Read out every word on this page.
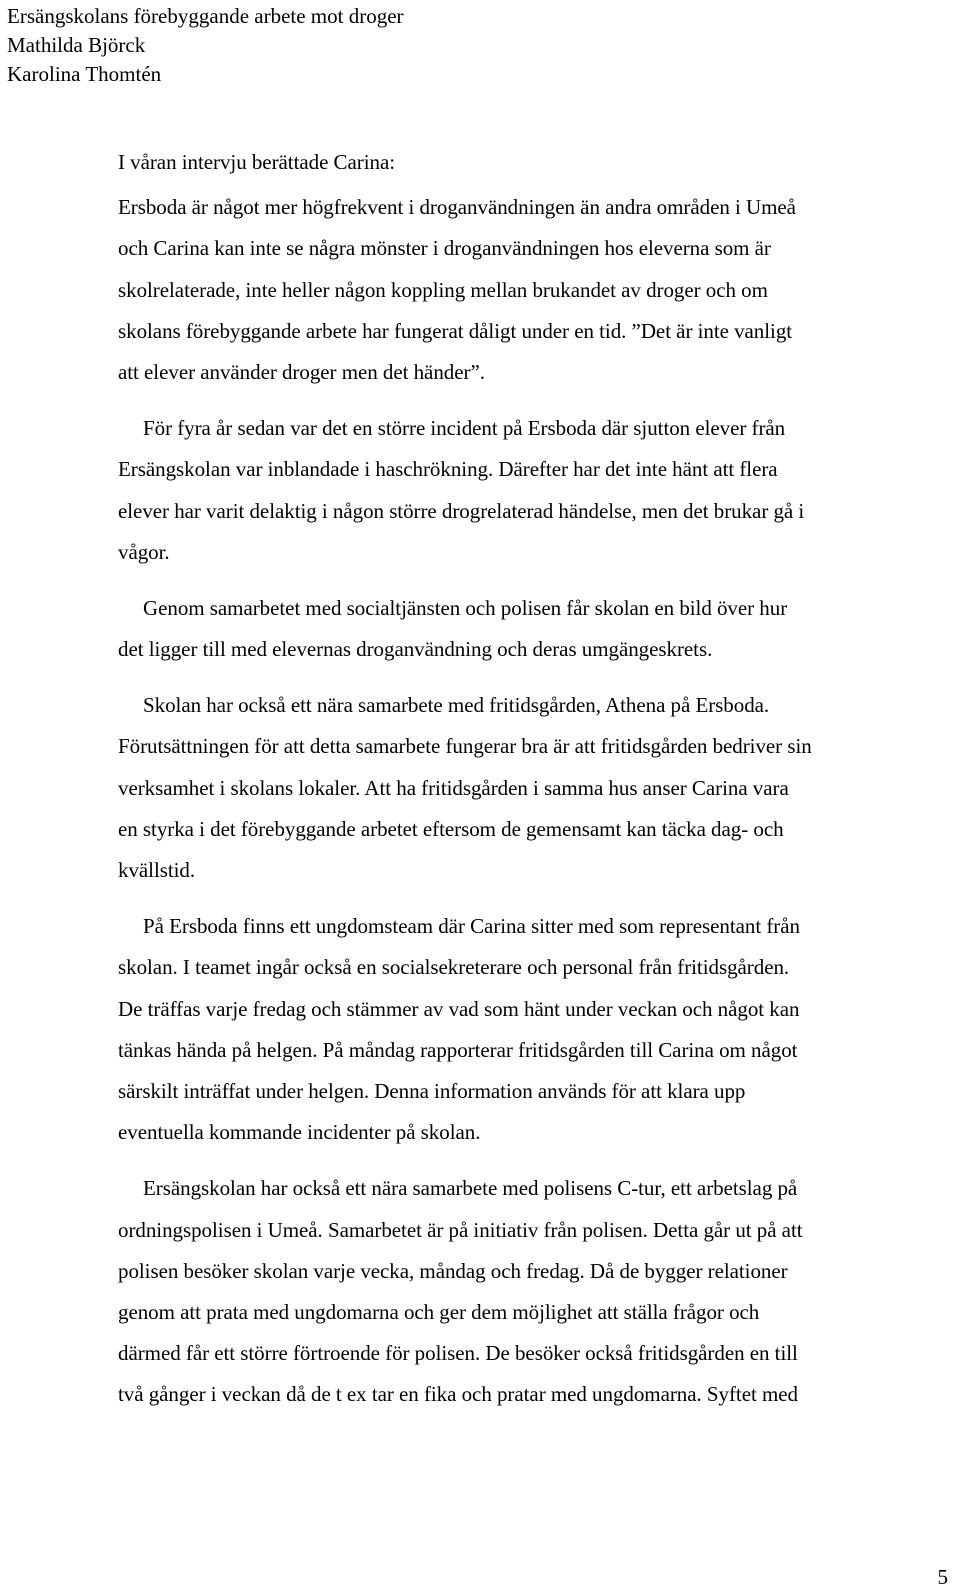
Ersängskolans förebyggande arbete mot droger
Mathilda Björck
Karolina Thomtén
I våran intervju berättade Carina:
Ersboda är något mer högfrekvent i droganvändningen än andra områden i Umeå
och Carina kan inte se några mönster i droganvändningen hos eleverna som är
skolrelaterade, inte heller någon koppling mellan brukandet av droger och om
skolans förebyggande arbete har fungerat dåligt under en tid. ”Det är inte vanligt
att elever använder droger men det händer”.
För fyra år sedan var det en större incident på Ersboda där sjutton elever från
Ersängskolan var inblandade i haschrökning. Därefter har det inte hänt att flera
elever har varit delaktig i någon större drogrelaterad händelse, men det brukar gå i
vågor.
Genom samarbetet med socialtjänsten och polisen får skolan en bild över hur
det ligger till med elevernas droganvändning och deras umgängeskrets.
Skolan har också ett nära samarbete med fritidsgården, Athena på Ersboda.
Förutsättningen för att detta samarbete fungerar bra är att fritidsgården bedriver sin
verksamhet i skolans lokaler. Att ha fritidsgården i samma hus anser Carina vara
en styrka i det förebyggande arbetet eftersom de gemensamt kan täcka dag- och
kvällstid.
På Ersboda finns ett ungdomsteam där Carina sitter med som representant från
skolan. I teamet ingår också en socialsekreterare och personal från fritidsgården.
De träffas varje fredag och stämmer av vad som hänt under veckan och något kan
tänkas hända på helgen. På måndag rapporterar fritidsgården till Carina om något
särskilt inträffat under helgen. Denna information används för att klara upp
eventuella kommande incidenter på skolan.
Ersängskolan har också ett nära samarbete med polisens C-tur, ett arbetslag på
ordningspolisen i Umeå. Samarbetet är på initiativ från polisen. Detta går ut på att
polisen besöker skolan varje vecka, måndag och fredag. Då de bygger relationer
genom att prata med ungdomarna och ger dem möjlighet att ställa frågor och
därmed får ett större förtroende för polisen. De besöker också fritidsgården en till
två gånger i veckan då de t ex tar en fika och pratar med ungdomarna. Syftet med
5
